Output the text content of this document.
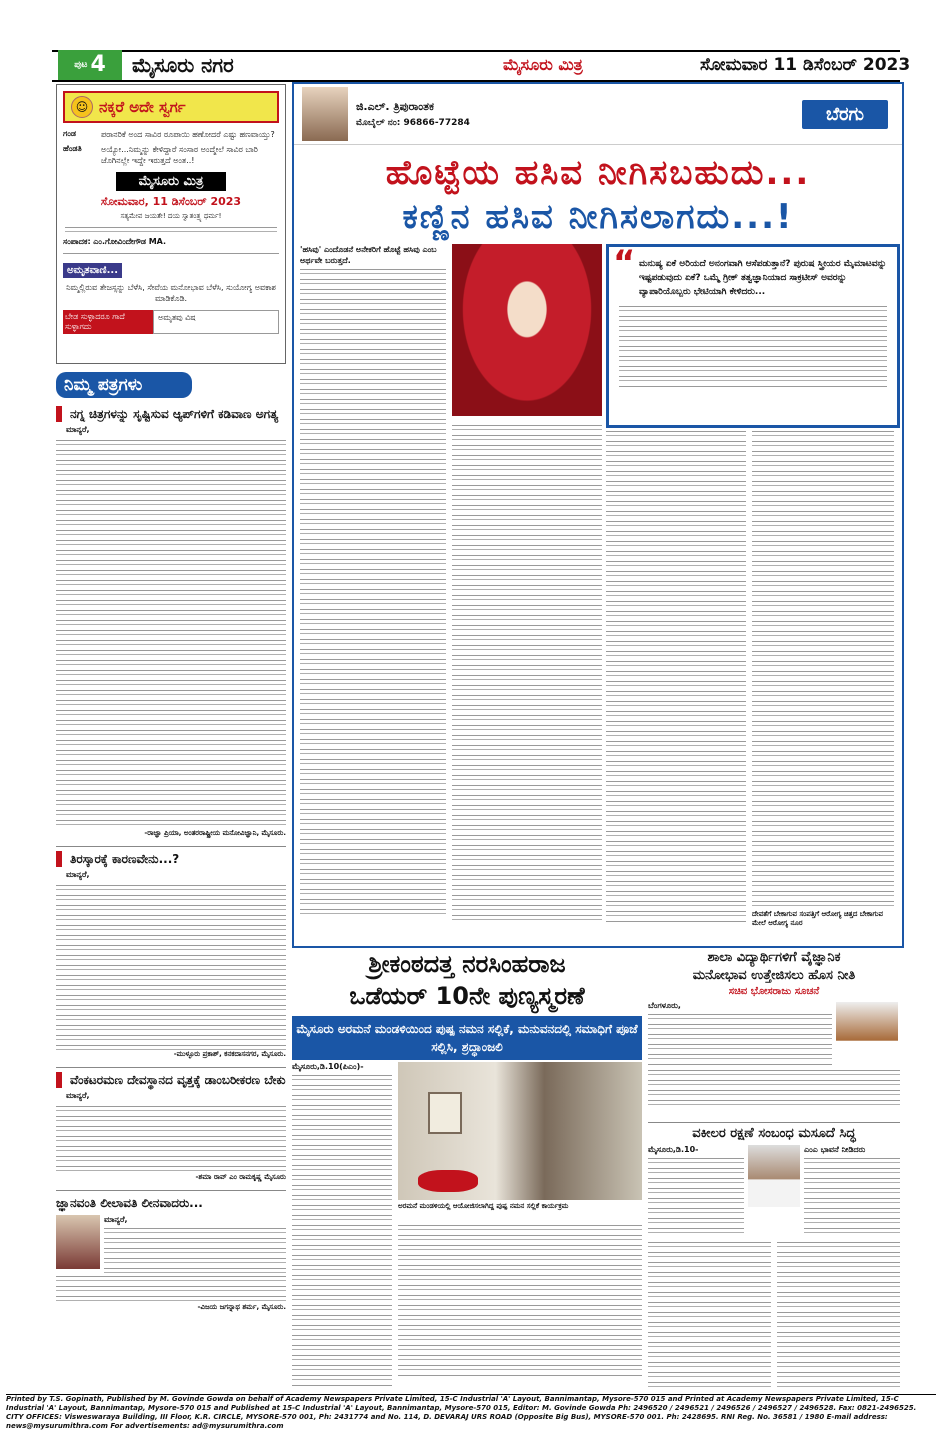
$^{ಪುಟ}$ 4	ಮೈಸೂರು ನಗರ	ಮೈಸೂರು ಮಿತ್ರ	ಸೋಮವಾರ 11 ಡಿಸೆಂಬರ್ 2023
☺ ನಕ್ಕರೆ ಅದೇ ಸ್ವರ್ಗ
ಗಂಡ	ಪರಾನರಿಕೆ ಅಂದ ಸಾವಿರ ರೂಪಾಯಿ ಹಣೋದರೆ ಎಷ್ಟು ಹಣವಾಯ್ತು?
ಹೆಂಡತಿ	ಅಯ್ಯೋ...ನಿಮ್ಮನ್ನು ಕೇಳಿದ್ದಾರೆ ಸಂಸಾರ ಅಂದ್ಮೇಲೆ ಸಾವಿರ ಬಾರಿ ಜೊಗಿನಲ್ಲೇ ಇದ್ದೇ ಇರುತ್ತದೆ ಅಂತ..!
ಮೈಸೂರು ಮಿತ್ರ
ಸೋಮವಾರ, 11 ಡಿಸೆಂಬರ್ 2023
ಸತ್ಯಮೇವ ಜಯತೇ! ದಯ ಸ್ವಾತಂತ್ರ್ಯ ಧರ್ಮ!
ಸಂಪಾದಕ: ಎಂ.ಗೋವಿಂದೇಗೌಡ MA.
ಅಮೃತವಾಣಿ...
ನಿಮ್ಮಲ್ಲಿರುವ ತೇಜಸ್ಸನ್ನು ಬೆಳೆಸಿ, ಸೇವೆಯ ಮನೋಭಾವ ಬೆಳೆಸಿ, ಸುಯೋಗ್ಯ ಅವಕಾಶ ಮಾಡಿಕೊಡಿ.
ಬೇಡ ಸುಳ್ಳಾದರೂ ಗಾದೆ ಸುಳ್ಳಾಗದು
ಅಮೃತವು ವಿಷ
ನಿಮ್ಮ ಪತ್ರಗಳು
ನಗ್ನ ಚಿತ್ರಗಳನ್ನು ಸೃಷ್ಟಿಸುವ ಆ್ಯಪ್‌ಗಳಿಗೆ ಕಡಿವಾಣ ಅಗತ್ಯ
ಮಾನ್ಯರೆ,
-ರಾಜ್ಞಾ ಪ್ರಿಯಾ, ಅಂತರರಾಷ್ಟ್ರೀಯ ಮನೋವಿಜ್ಞಾನಿ, ಮೈಸೂರು.
ತಿರಸ್ಕಾರಕ್ಕೆ ಕಾರಣವೇನು...?
ಮಾನ್ಯರೆ,
-ಮುಳ್ಳೂರು ಪ್ರಕಾಶ್, ಕನಕದಾಸನಗರ, ಮೈಸೂರು.
ವೆಂಕಟರಮಣ ದೇವಸ್ಥಾನದ ವೃತ್ತಕ್ಕೆ ಡಾಂಬರೀಕರಣ ಬೇಕು
ಮಾನ್ಯರೆ,
-ಶಮಾ ರಾವ್ ಎಂ ರಾಮಕೃಷ್ಣ ಮೈಸೂರು
ಜ್ಞಾನವಂತಿ ಲೀಲಾವತಿ ಲೀನವಾದರು...
ಮಾನ್ಯರೆ,
-ವಿಜಯ ಜಗನ್ನಾಥ ಶರ್ಮ, ಮೈಸೂರು.
ಜಿ.ಎಲ್. ತ್ರಿಪುರಾಂತಕ
ಮೊಬೈಲ್ ನಂ: 96866-77284	ಬೆರಗು
ಹೊಟ್ಟೆಯ ಹಸಿವ ನೀಗಿಸಬಹುದು...
ಕಣ್ಣಿನ ಹಸಿವ ನೀಗಿಸಲಾಗದು...!
'ಹಸಿವು' ಎಂದೊಡನೆ ಅನೇಕರಿಗೆ ಹೊಟ್ಟೆ ಹಸಿವು ಎಂಬ ಅರ್ಥವೇ ಬರುತ್ತದೆ.	“ ಮನುಷ್ಯ ಏಕೆ ಅರಿಯದೆ ಅನಂಗವಾಗಿ ಆಸೆಪಡುತ್ತಾನೆ? ಪುರುಷ ಸ್ತ್ರೀಯರ ಮೈಮಾಟವನ್ನು ಇಷ್ಟಪಡುವುದು ಏಕೆ? ಒಮ್ಮೆ ಗ್ರೀಕ್ ತತ್ವಜ್ಞಾನಿಯಾದ ಸಾಕ್ರಟೀಸ್ ಅವರನ್ನು ವ್ಯಾಪಾರಿಯೊಬ್ಬರು ಭೇಟಿಯಾಗಿ ಕೇಳಿದರು...
ದೇವತೆಗೆ ಬೇಕಾಗುವ ಸಂಪತ್ತಿಗೆ ಆರೋಗ್ಯ ಚಿತ್ತದ ಬೇಕಾಗುವ ಮೇಲೆ ಆರೋಗ್ಯ ನೂರ
ಶ್ರೀಕಂಠದತ್ತ ನರಸಿಂಹರಾಜ
ಒಡೆಯರ್ 10ನೇ ಪುಣ್ಯಸ್ಮರಣೆ
ಮೈಸೂರು ಅರಮನೆ ಮಂಡಳಿಯಿಂದ ಪುಷ್ಪ ನಮನ ಸಲ್ಲಿಕೆ, ಮನುವನದಲ್ಲಿ ಸಮಾಧಿಗೆ ಪೂಜೆ ಸಲ್ಲಿಸಿ, ಶ್ರದ್ಧಾಂಜಲಿ
ಮೈಸೂರು,ಡಿ.10(ಪಿಎಂ)-
ಅರಮನೆ ಮಂಡಳಿಯಲ್ಲಿ ಆಯೋಜಿಸಲಾಗಿದ್ದ ಪುಷ್ಪ ನಮನ ಸಲ್ಲಿಕೆ ಕಾರ್ಯಕ್ರಮ
ಶಾಲಾ ವಿದ್ಯಾರ್ಥಿಗಳಿಗೆ ವೈಜ್ಞಾನಿಕ
ಮನೋಭಾವ ಉತ್ತೇಜಿಸಲು ಹೊಸ ನೀತಿ
ಸಚಿವ ಭೋಸರಾಜು ಸೂಚನೆ
ಬೆಂಗಳೂರು,
ವಕೀಲರ ರಕ್ಷಣೆ ಸಂಬಂಧ ಮಸೂದೆ ಸಿದ್ಧ
ಮೈಸೂರು,ಡಿ.10-	ಎಂಎ ಭಾವನೆ ನೀಡಿದರು
Printed by T.S. Gopinath, Published by M. Govinde Gowda on behalf of Academy Newspapers Private Limited, 15-C Industrial 'A' Layout, Bannimantap, Mysore-570 015 and Printed at Academy Newspapers Private Limited, 15-C Industrial 'A' Layout, Bannimantap, Mysore-570 015 and Published at 15-C Industrial 'A' Layout, Bannimantap, Mysore-570 015, Editor: M. Govinde Gowda Ph: 2496520 / 2496521 / 2496526 / 2496527 / 2496528. Fax: 0821-2496525. CITY OFFICES: Visweswaraya Building, III Floor, K.R. CIRCLE, MYSORE-570 001, Ph: 2431774 and No. 114, D. DEVARAJ URS ROAD (Opposite Big Bus), MYSORE-570 001. Ph: 2428695. RNI Reg. No. 36581 / 1980 E-mail address: news@mysurumithra.com For advertisements: ad@mysurumithra.com
